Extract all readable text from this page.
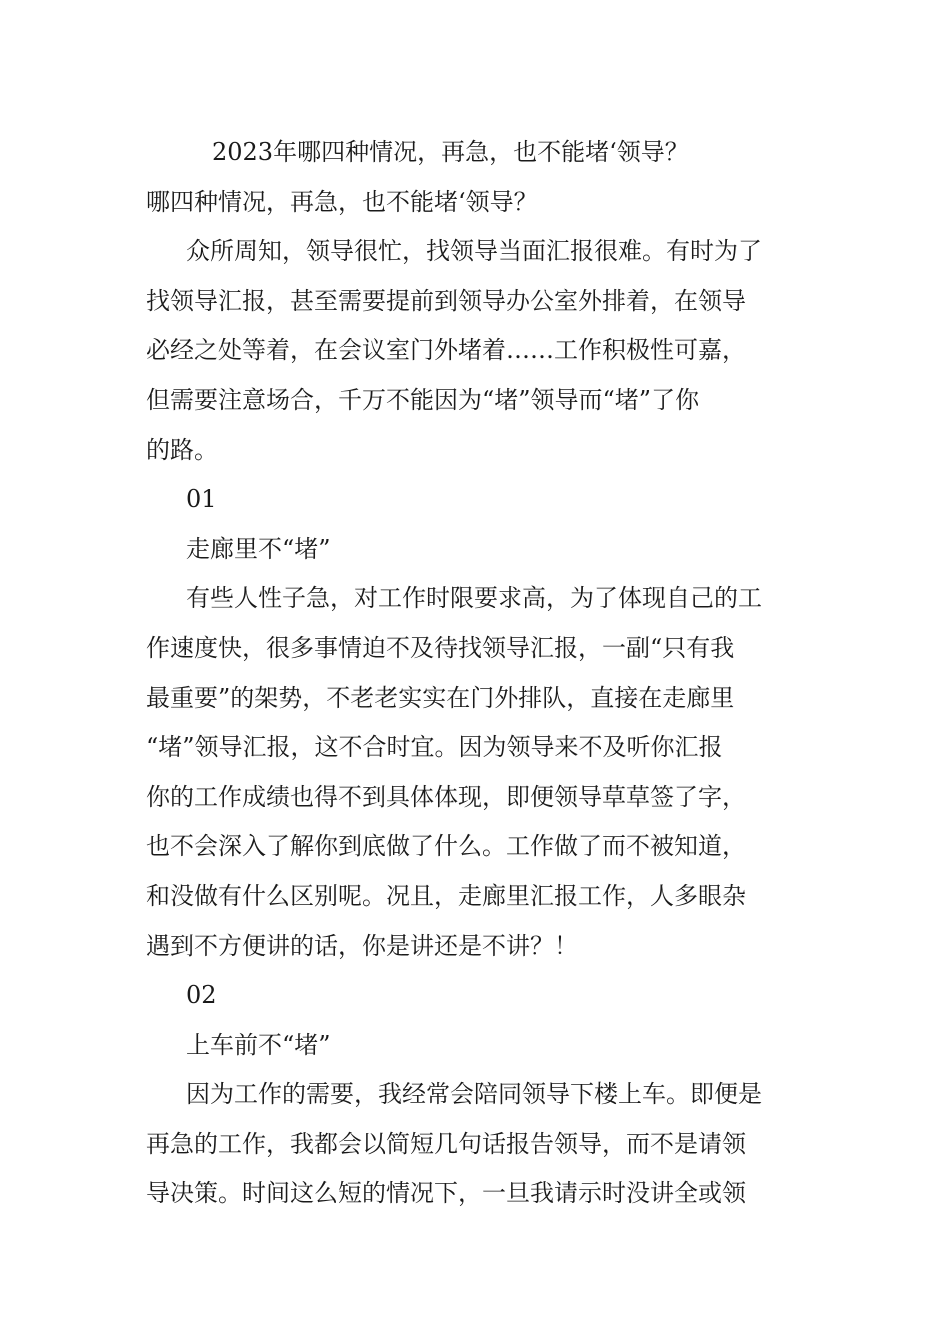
2023年哪四种情况，再急，也不能堵‘领导？
哪四种情况，再急，也不能堵‘领导？
众所周知，领导很忙，找领导当面汇报很难。有时为了
找领导汇报，甚至需要提前到领导办公室外排着，在领导
必经之处等着，在会议室门外堵着……工作积极性可嘉，
但需要注意场合，千万不能因为“堵”领导而“堵”了你
的路。
01
走廊里不“堵”
有些人性子急，对工作时限要求高，为了体现自己的工
作速度快，很多事情迫不及待找领导汇报，一副“只有我
最重要”的架势，不老老实实在门外排队，直接在走廊里
“堵”领导汇报，这不合时宜。因为领导来不及听你汇报
你的工作成绩也得不到具体体现，即便领导草草签了字，
也不会深入了解你到底做了什么。工作做了而不被知道，
和没做有什么区别呢。况且，走廊里汇报工作，人多眼杂
遇到不方便讲的话，你是讲还是不讲？！
02
上车前不“堵”
因为工作的需要，我经常会陪同领导下楼上车。即便是
再急的工作，我都会以简短几句话报告领导，而不是请领
导决策。时间这么短的情况下，一旦我请示时没讲全或领
